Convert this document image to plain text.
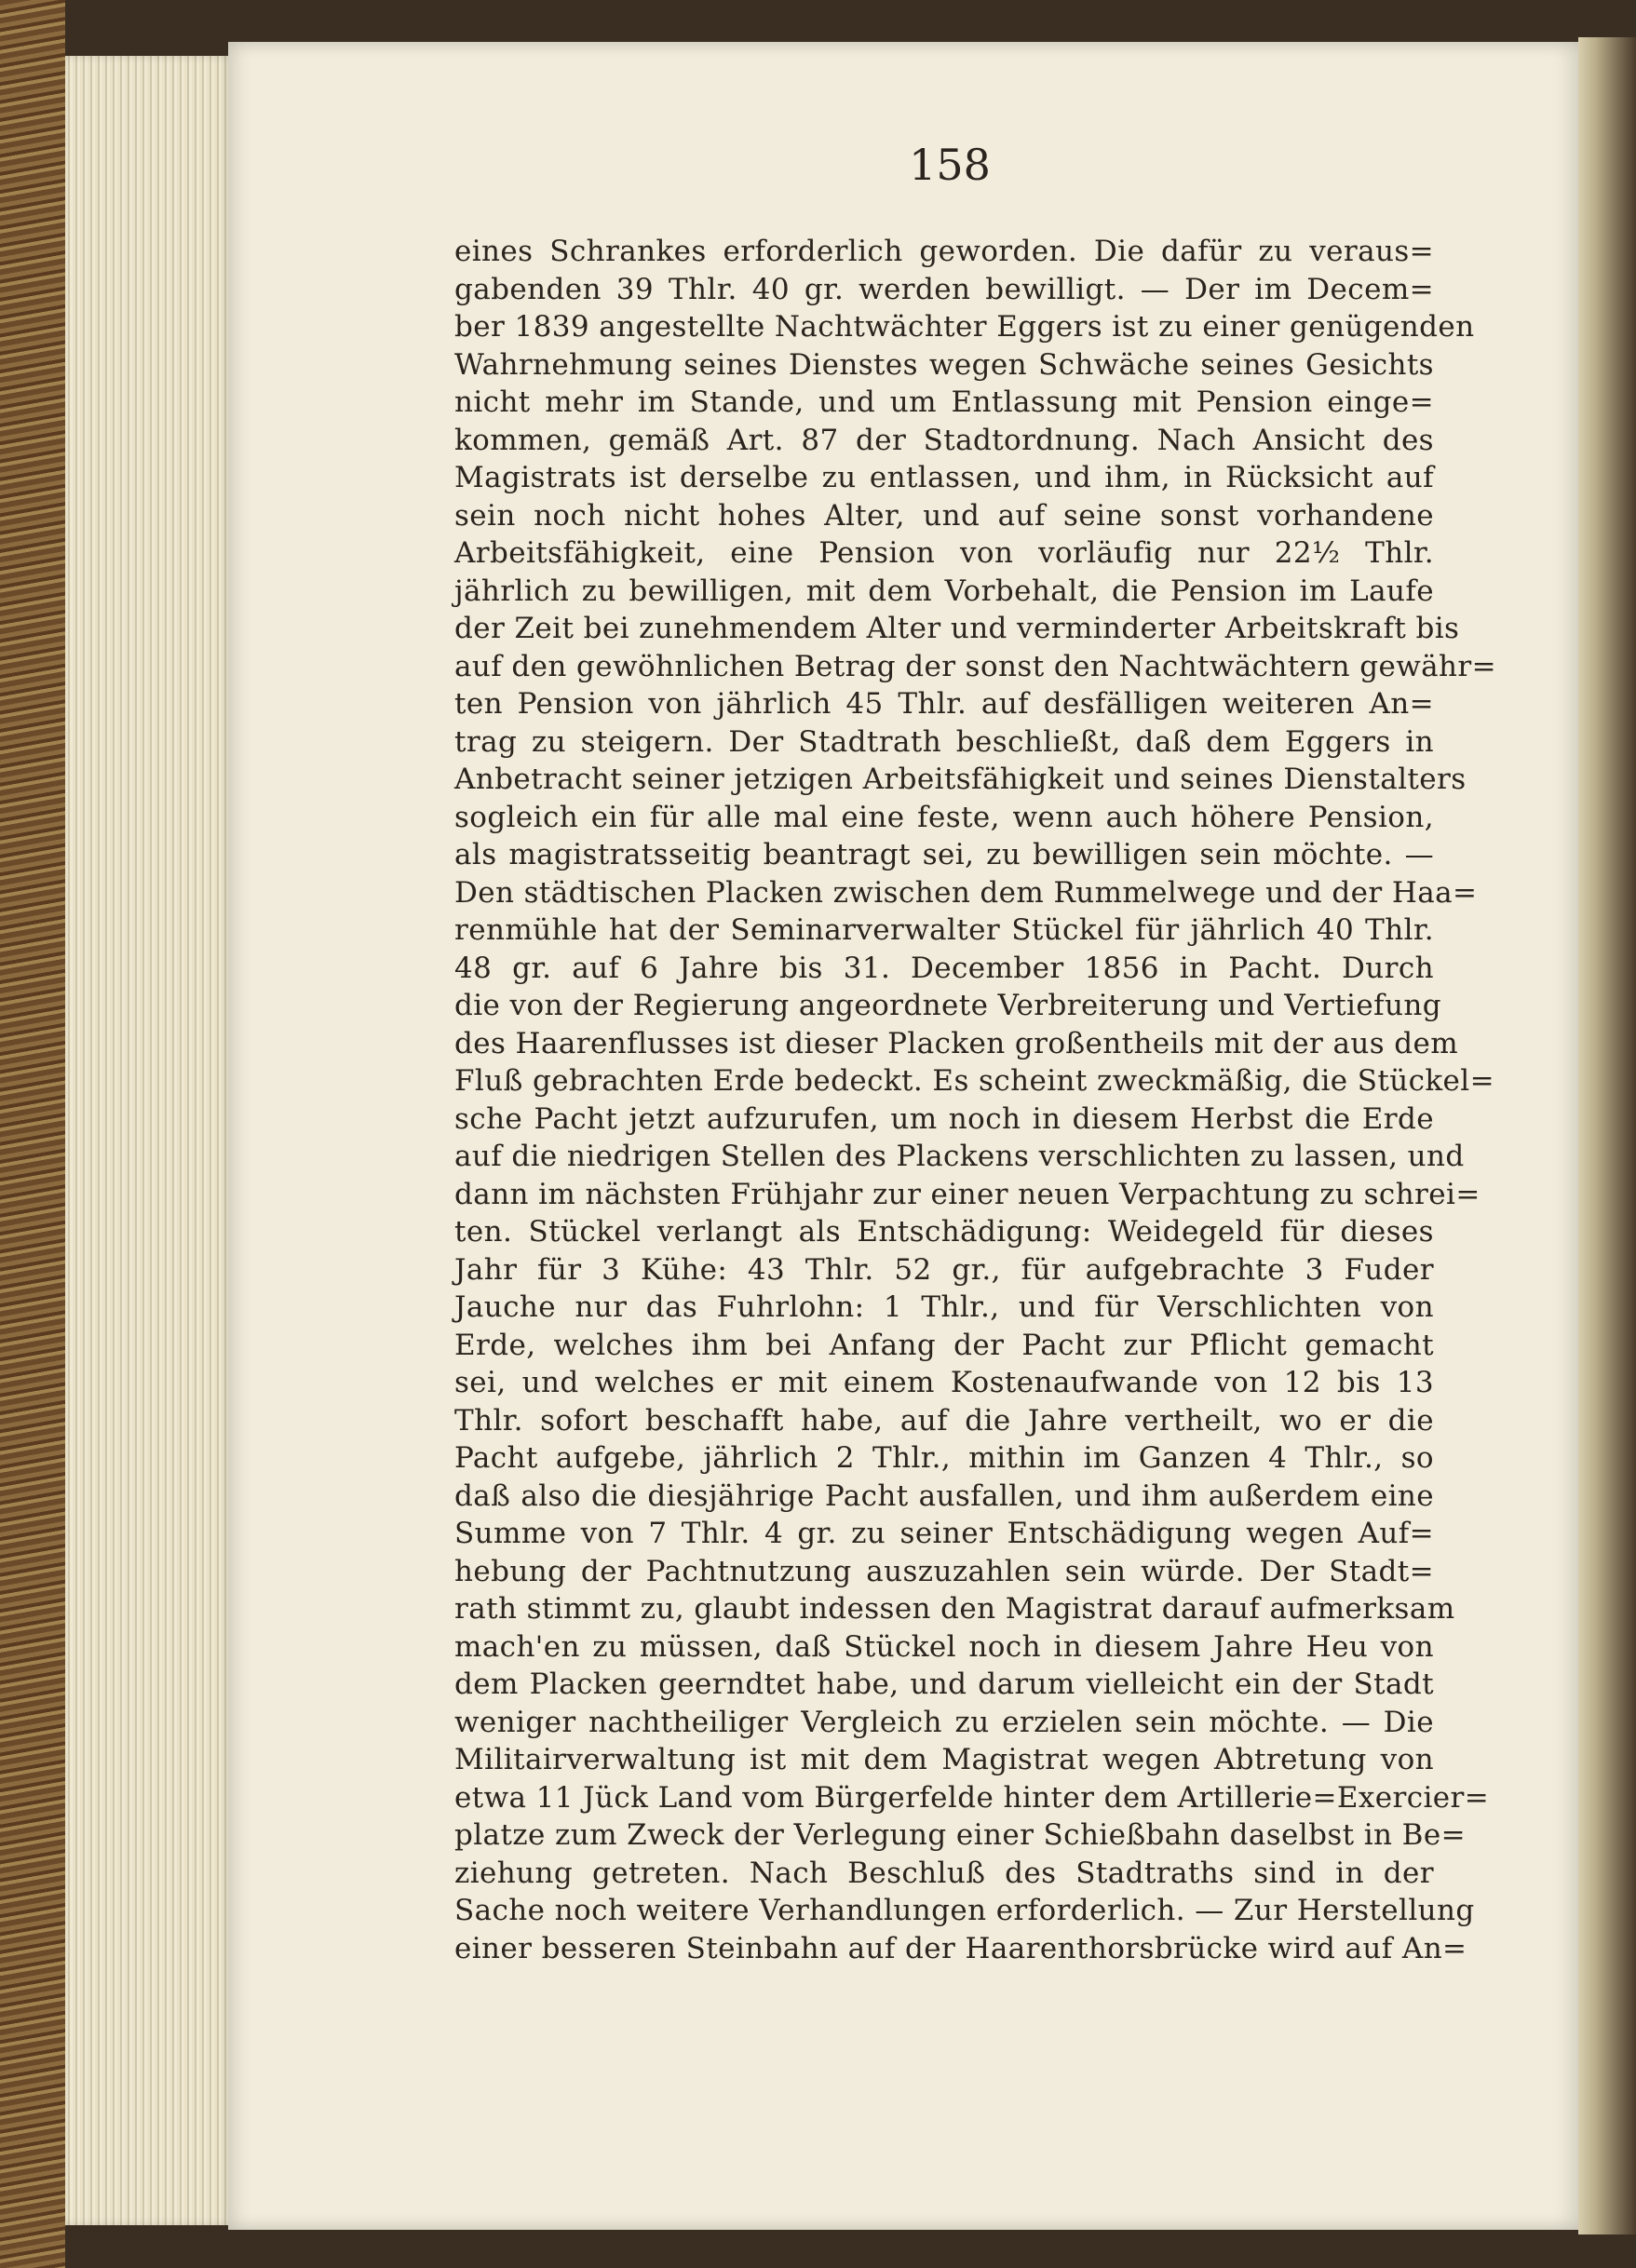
158
eines Schrankes erforderlich geworden. Die dafür zu veraus=
gabenden 39 Thlr. 40 gr. werden bewilligt. — Der im Decem=
ber 1839 angestellte Nachtwächter Eggers ist zu einer genügenden
Wahrnehmung seines Dienstes wegen Schwäche seines Gesichts
nicht mehr im Stande, und um Entlassung mit Pension einge=
kommen, gemäß Art. 87 der Stadtordnung. Nach Ansicht des
Magistrats ist derselbe zu entlassen, und ihm, in Rücksicht auf
sein noch nicht hohes Alter, und auf seine sonst vorhandene
Arbeitsfähigkeit, eine Pension von vorläufig nur 22½ Thlr.
jährlich zu bewilligen, mit dem Vorbehalt, die Pension im Laufe
der Zeit bei zunehmendem Alter und verminderter Arbeitskraft bis
auf den gewöhnlichen Betrag der sonst den Nachtwächtern gewähr=
ten Pension von jährlich 45 Thlr. auf desfälligen weiteren An=
trag zu steigern. Der Stadtrath beschließt, daß dem Eggers in
Anbetracht seiner jetzigen Arbeitsfähigkeit und seines Dienstalters
sogleich ein für alle mal eine feste, wenn auch höhere Pension,
als magistratsseitig beantragt sei, zu bewilligen sein möchte. —
Den städtischen Placken zwischen dem Rummelwege und der Haa=
renmühle hat der Seminarverwalter Stückel für jährlich 40 Thlr.
48 gr. auf 6 Jahre bis 31. December 1856 in Pacht. Durch
die von der Regierung angeordnete Verbreiterung und Vertiefung
des Haarenflusses ist dieser Placken großentheils mit der aus dem
Fluß gebrachten Erde bedeckt. Es scheint zweckmäßig, die Stückel=
sche Pacht jetzt aufzurufen, um noch in diesem Herbst die Erde
auf die niedrigen Stellen des Plackens verschlichten zu lassen, und
dann im nächsten Frühjahr zur einer neuen Verpachtung zu schrei=
ten. Stückel verlangt als Entschädigung: Weidegeld für dieses
Jahr für 3 Kühe: 43 Thlr. 52 gr., für aufgebrachte 3 Fuder
Jauche nur das Fuhrlohn: 1 Thlr., und für Verschlichten von
Erde, welches ihm bei Anfang der Pacht zur Pflicht gemacht
sei, und welches er mit einem Kostenaufwande von 12 bis 13
Thlr. sofort beschafft habe, auf die Jahre vertheilt, wo er die
Pacht aufgebe, jährlich 2 Thlr., mithin im Ganzen 4 Thlr., so
daß also die diesjährige Pacht ausfallen, und ihm außerdem eine
Summe von 7 Thlr. 4 gr. zu seiner Entschädigung wegen Auf=
hebung der Pachtnutzung auszuzahlen sein würde. Der Stadt=
rath stimmt zu, glaubt indessen den Magistrat darauf aufmerksam
mach'en zu müssen, daß Stückel noch in diesem Jahre Heu von
dem Placken geerndtet habe, und darum vielleicht ein der Stadt
weniger nachtheiliger Vergleich zu erzielen sein möchte. — Die
Militairverwaltung ist mit dem Magistrat wegen Abtretung von
etwa 11 Jück Land vom Bürgerfelde hinter dem Artillerie=Exercier=
platze zum Zweck der Verlegung einer Schießbahn daselbst in Be=
ziehung getreten. Nach Beschluß des Stadtraths sind in der
Sache noch weitere Verhandlungen erforderlich. — Zur Herstellung
einer besseren Steinbahn auf der Haarenthorsbrücke wird auf An=
